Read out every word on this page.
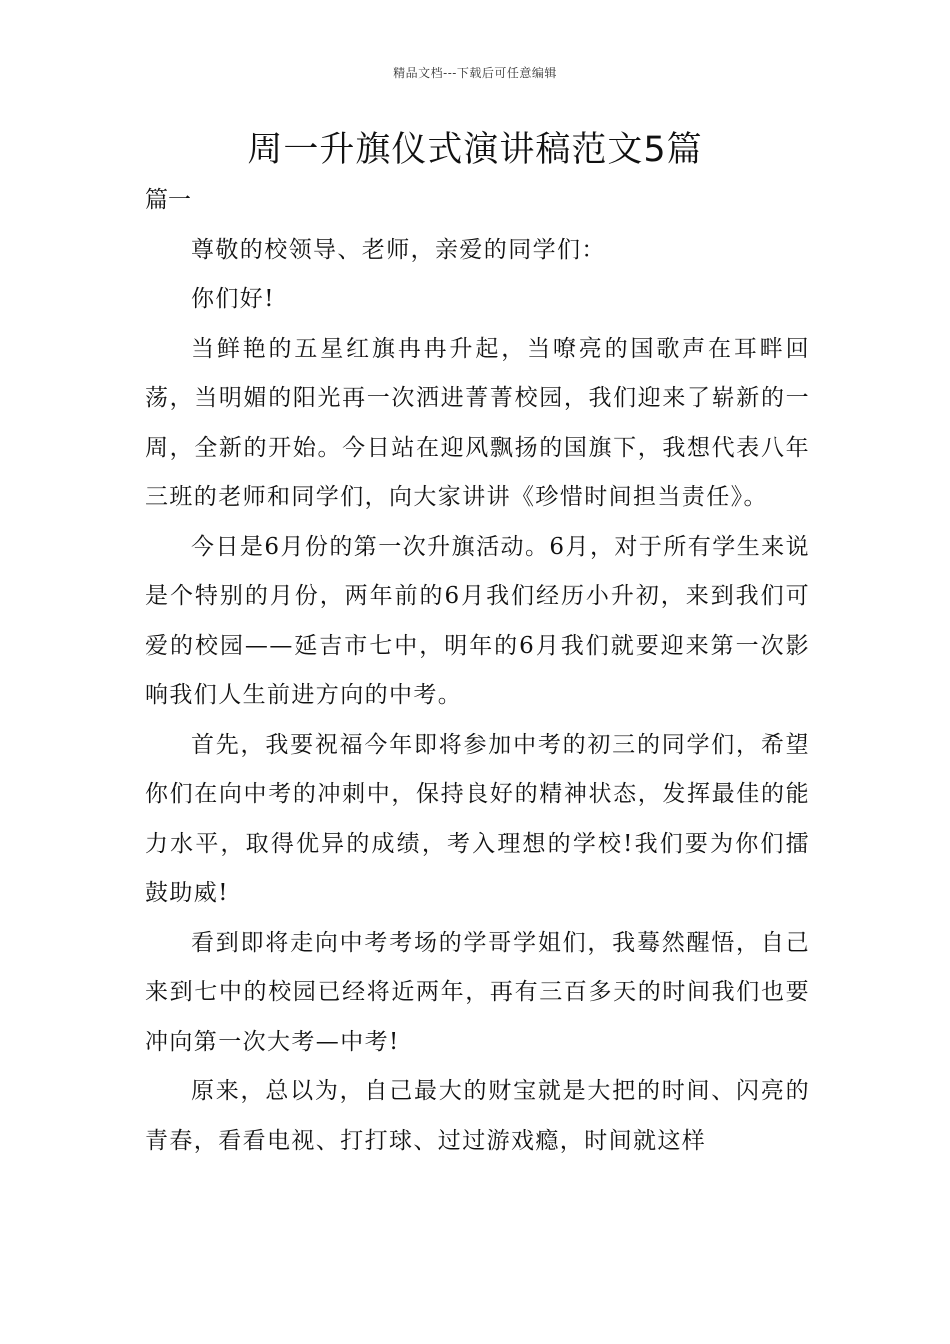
精品文档---下载后可任意编辑
周一升旗仪式演讲稿范文5篇

篇一

尊敬的校领导、老师，亲爱的同学们：

你们好!

当鲜艳的五星红旗冉冉升起，当嘹亮的国歌声在耳畔回荡，当明媚的阳光再一次洒进菁菁校园，我们迎来了崭新的一周，全新的开始。今日站在迎风飘扬的国旗下，我想代表八年三班的老师和同学们，向大家讲讲《珍惜时间担当责任》。

今日是6月份的第一次升旗活动。6月，对于所有学生来说是个特别的月份，两年前的6月我们经历小升初，来到我们可爱的校园——延吉市七中，明年的6月我们就要迎来第一次影响我们人生前进方向的中考。

首先，我要祝福今年即将参加中考的初三的同学们，希望你们在向中考的冲刺中，保持良好的精神状态，发挥最佳的能力水平，取得优异的成绩，考入理想的学校!我们要为你们擂鼓助威!

看到即将走向中考考场的学哥学姐们，我蓦然醒悟，自己来到七中的校园已经将近两年，再有三百多天的时间我们也要冲向第一次大考—中考!

原来，总以为，自己最大的财宝就是大把的时间、闪亮的青春，看看电视、打打球、过过游戏瘾，时间就这样
